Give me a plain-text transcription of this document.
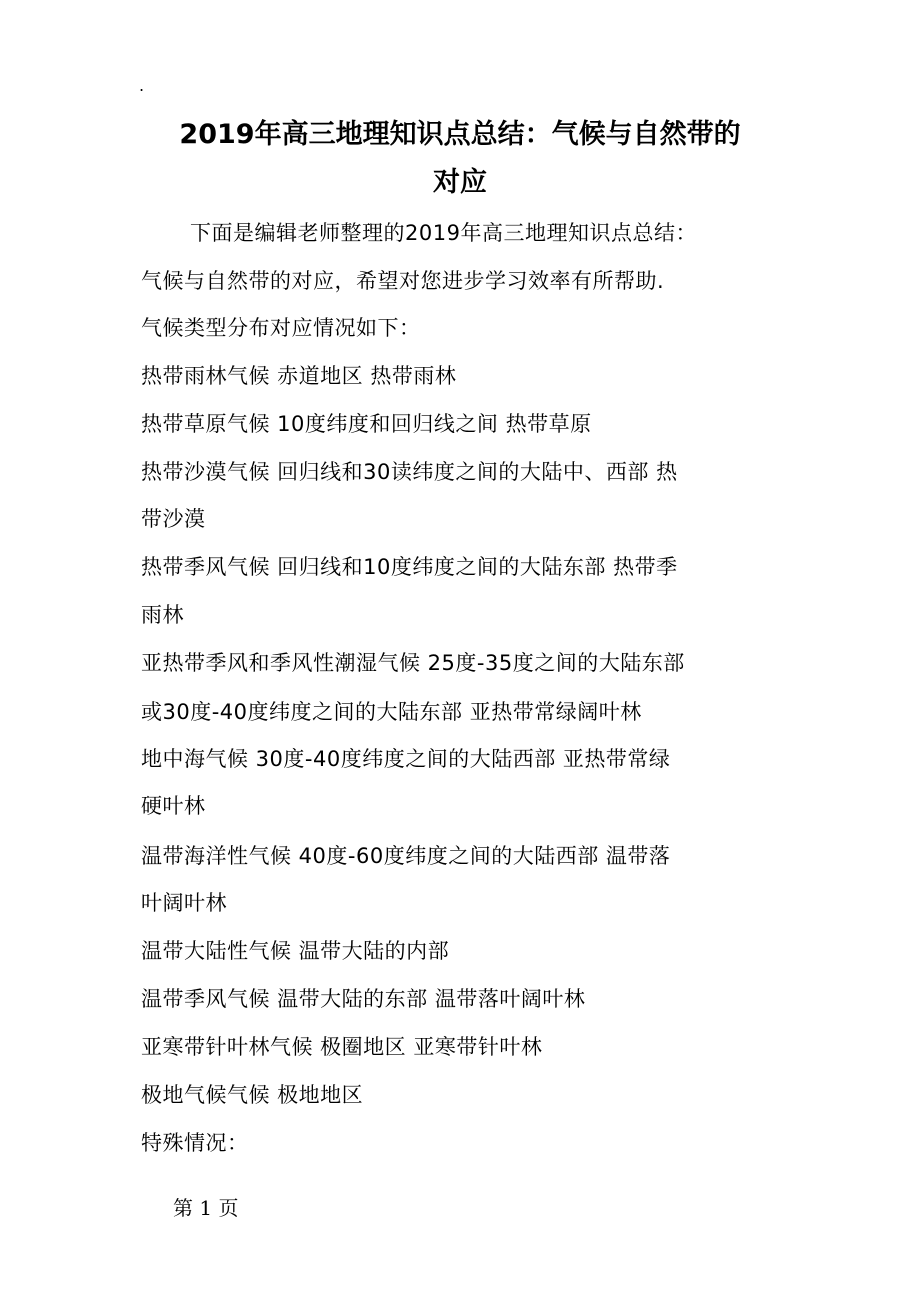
.
2019年高三地理知识点总结：气候与自然带的
对应
下面是编辑老师整理的2019年高三地理知识点总结：
气候与自然带的对应，希望对您进步学习效率有所帮助.
气候类型分布对应情况如下：
热带雨林气候 赤道地区 热带雨林
热带草原气候 10度纬度和回归线之间 热带草原
热带沙漠气候 回归线和30读纬度之间的大陆中、西部 热
带沙漠
热带季风气候 回归线和10度纬度之间的大陆东部 热带季
雨林
亚热带季风和季风性潮湿气候 25度-35度之间的大陆东部
或30度-40度纬度之间的大陆东部 亚热带常绿阔叶林
地中海气候 30度-40度纬度之间的大陆西部 亚热带常绿
硬叶林
温带海洋性气候 40度-60度纬度之间的大陆西部 温带落
叶阔叶林
温带大陆性气候 温带大陆的内部
温带季风气候 温带大陆的东部 温带落叶阔叶林
亚寒带针叶林气候 极圈地区 亚寒带针叶林
极地气候气候 极地地区
特殊情况：
第 1 页
